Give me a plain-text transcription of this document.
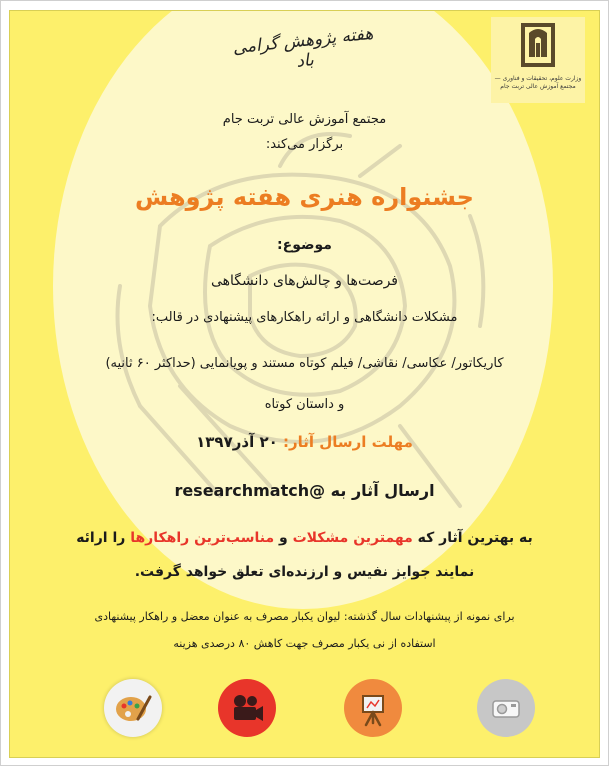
وزارت علوم، تحقیقات و فناوری — مجتمع آموزش عالی تربت جام
هفته پژوهش گرامی باد
مجتمع آموزش عالی تربت جام
برگزار می‌کند:
جشنواره هنری هفته پژوهش
موضوع:
فرصت‌ها و چالش‌های دانشگاهی
مشکلات دانشگاهی و ارائه راهکارهای پیشنهادی در قالب:
کاریکاتور/ عکاسی/ نقاشی/ فیلم کوتاه مستند و پویانمایی (حداکثر ۶۰ ثانیه)
و داستان کوتاه
مهلت ارسال آثار: ۲۰ آذر۱۳۹۷
ارسال آثار به @researchmatch
به بهترین آثار که مهمترین مشکلات و مناسب‌ترین راهکارها را ارائه
نمایند جوایز نفیس و ارزنده‌ای تعلق خواهد گرفت.
برای نمونه از پیشنهادات سال گذشته: لیوان یکبار مصرف به عنوان معضل و راهکار پیشنهادی
استفاده از نی یکبار مصرف جهت کاهش ۸۰ درصدی هزینه
